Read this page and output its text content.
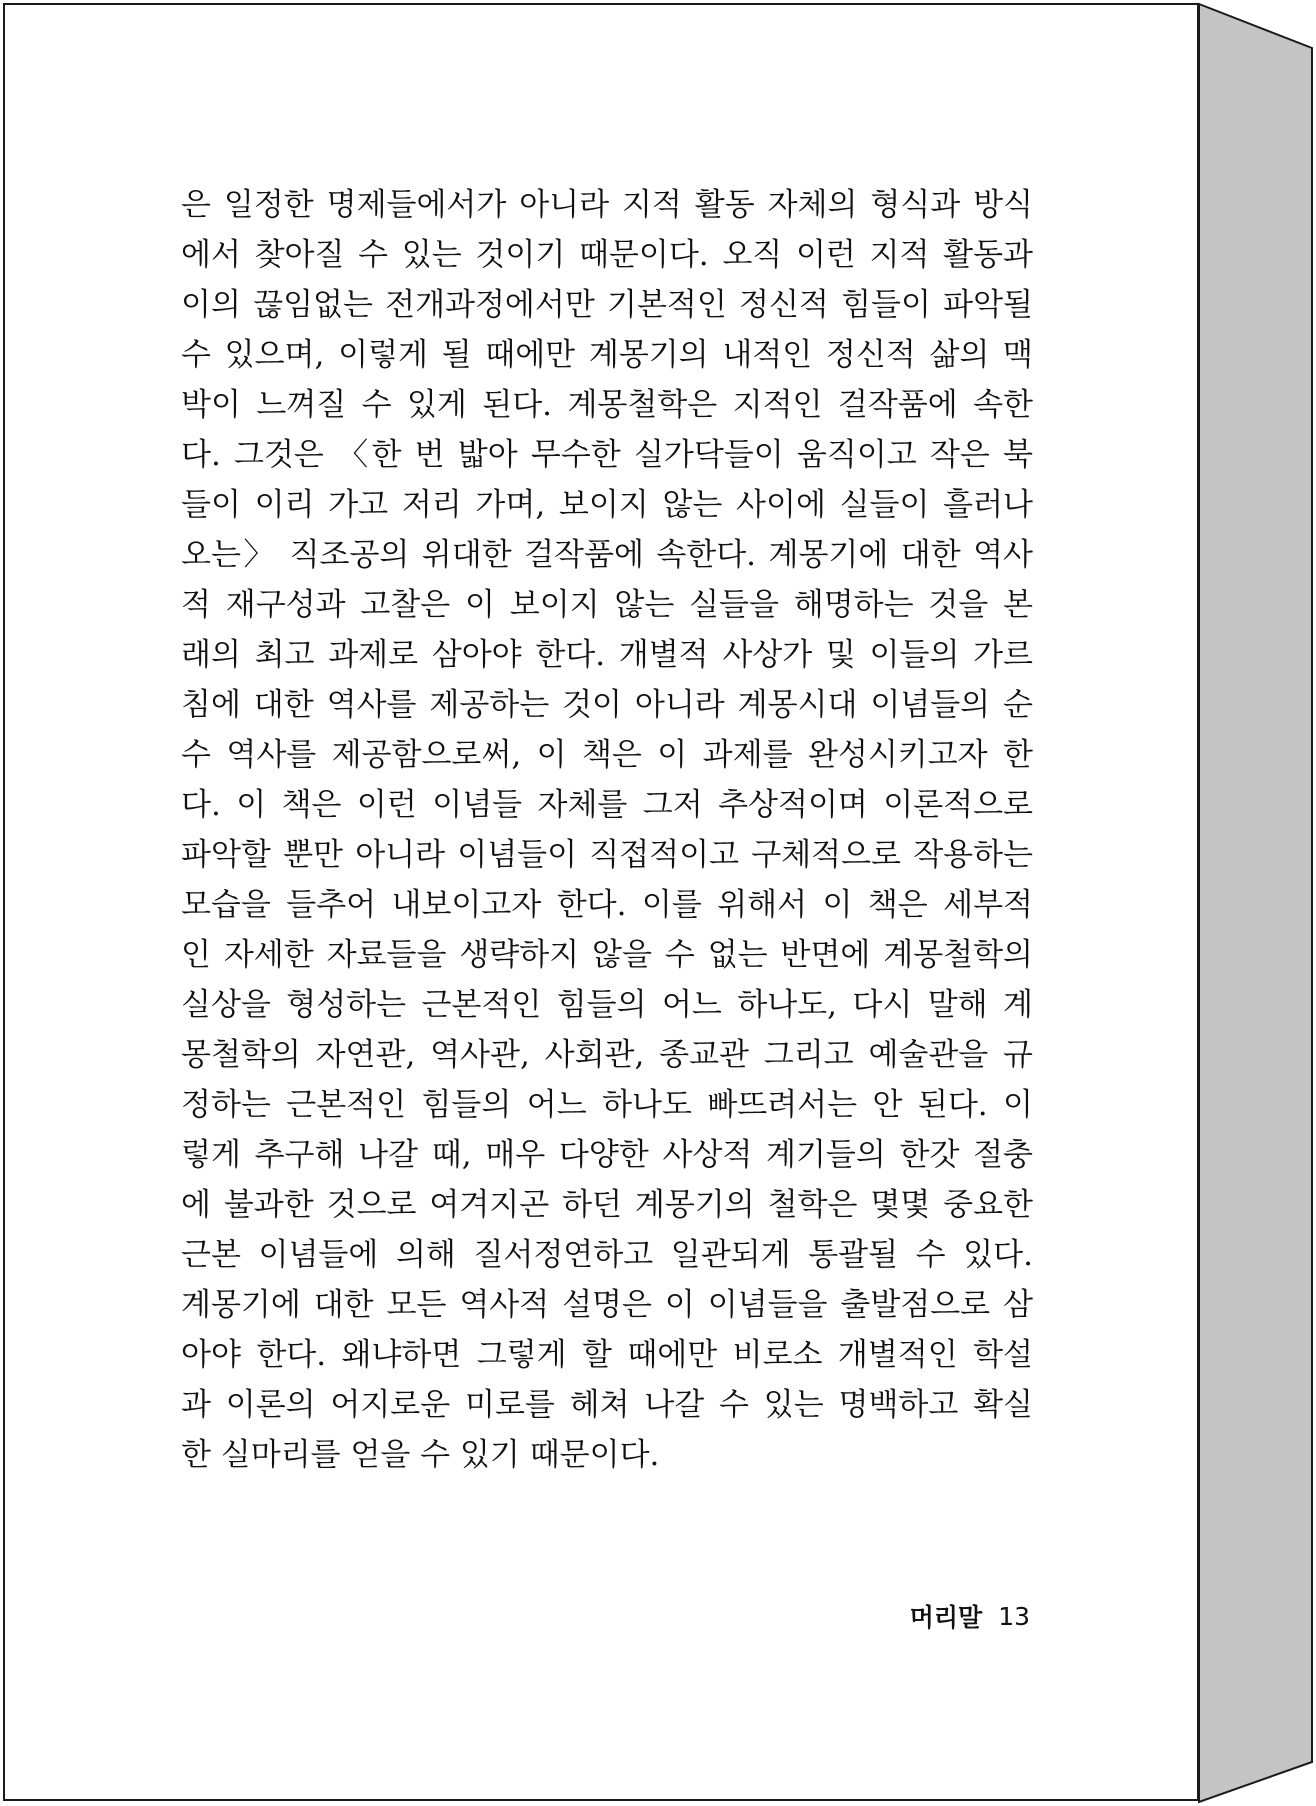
은 일정한 명제들에서가 아니라 지적 활동 자체의 형식과 방식
에서 찾아질 수 있는 것이기 때문이다. 오직 이런 지적 활동과
이의 끊임없는 전개과정에서만 기본적인 정신적 힘들이 파악될
수 있으며, 이렇게 될 때에만 계몽기의 내적인 정신적 삶의 맥
박이 느껴질 수 있게 된다. 계몽철학은 지적인 걸작품에 속한
다. 그것은 〈한 번 밟아 무수한 실가닥들이 움직이고 작은 북
들이 이리 가고 저리 가며, 보이지 않는 사이에 실들이 흘러나
오는〉 직조공의 위대한 걸작품에 속한다. 계몽기에 대한 역사
적 재구성과 고찰은 이 보이지 않는 실들을 해명하는 것을 본
래의 최고 과제로 삼아야 한다. 개별적 사상가 및 이들의 가르
침에 대한 역사를 제공하는 것이 아니라 계몽시대 이념들의 순
수 역사를 제공함으로써, 이 책은 이 과제를 완성시키고자 한
다. 이 책은 이런 이념들 자체를 그저 추상적이며 이론적으로
파악할 뿐만 아니라 이념들이 직접적이고 구체적으로 작용하는
모습을 들추어 내보이고자 한다. 이를 위해서 이 책은 세부적
인 자세한 자료들을 생략하지 않을 수 없는 반면에 계몽철학의
실상을 형성하는 근본적인 힘들의 어느 하나도, 다시 말해 계
몽철학의 자연관, 역사관, 사회관, 종교관 그리고 예술관을 규
정하는 근본적인 힘들의 어느 하나도 빠뜨려서는 안 된다. 이
렇게 추구해 나갈 때, 매우 다양한 사상적 계기들의 한갓 절충
에 불과한 것으로 여겨지곤 하던 계몽기의 철학은 몇몇 중요한
근본 이념들에 의해 질서정연하고 일관되게 통괄될 수 있다.
계몽기에 대한 모든 역사적 설명은 이 이념들을 출발점으로 삼
아야 한다. 왜냐하면 그렇게 할 때에만 비로소 개별적인 학설
과 이론의 어지로운 미로를 헤쳐 나갈 수 있는 명백하고 확실
한 실마리를 얻을 수 있기 때문이다.
머리말 13
